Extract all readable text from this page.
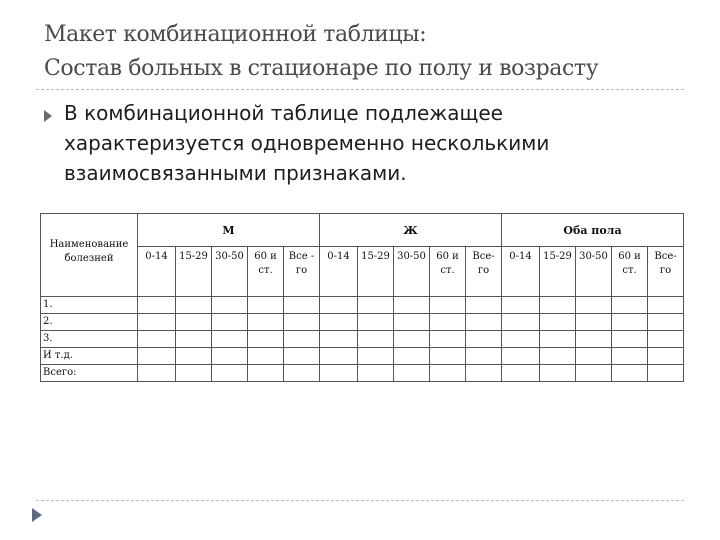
Макет комбинационной таблицы:
Состав больных в стационаре по полу и возрасту
В комбинационной таблице подлежащее
характеризуется одновременно несколькими
взаимосвязанными признаками.
Наименование болезней	М					Ж					Оба пола				
	0-14	15-29	30-50	60 и ст.	Все - го	0-14	15-29	30-50	60 и ст.	Все- го	0-14	15-29	30-50	60 и ст.	Все- го
1.															
2.															
3.															
И т.д.															
Всего:															
